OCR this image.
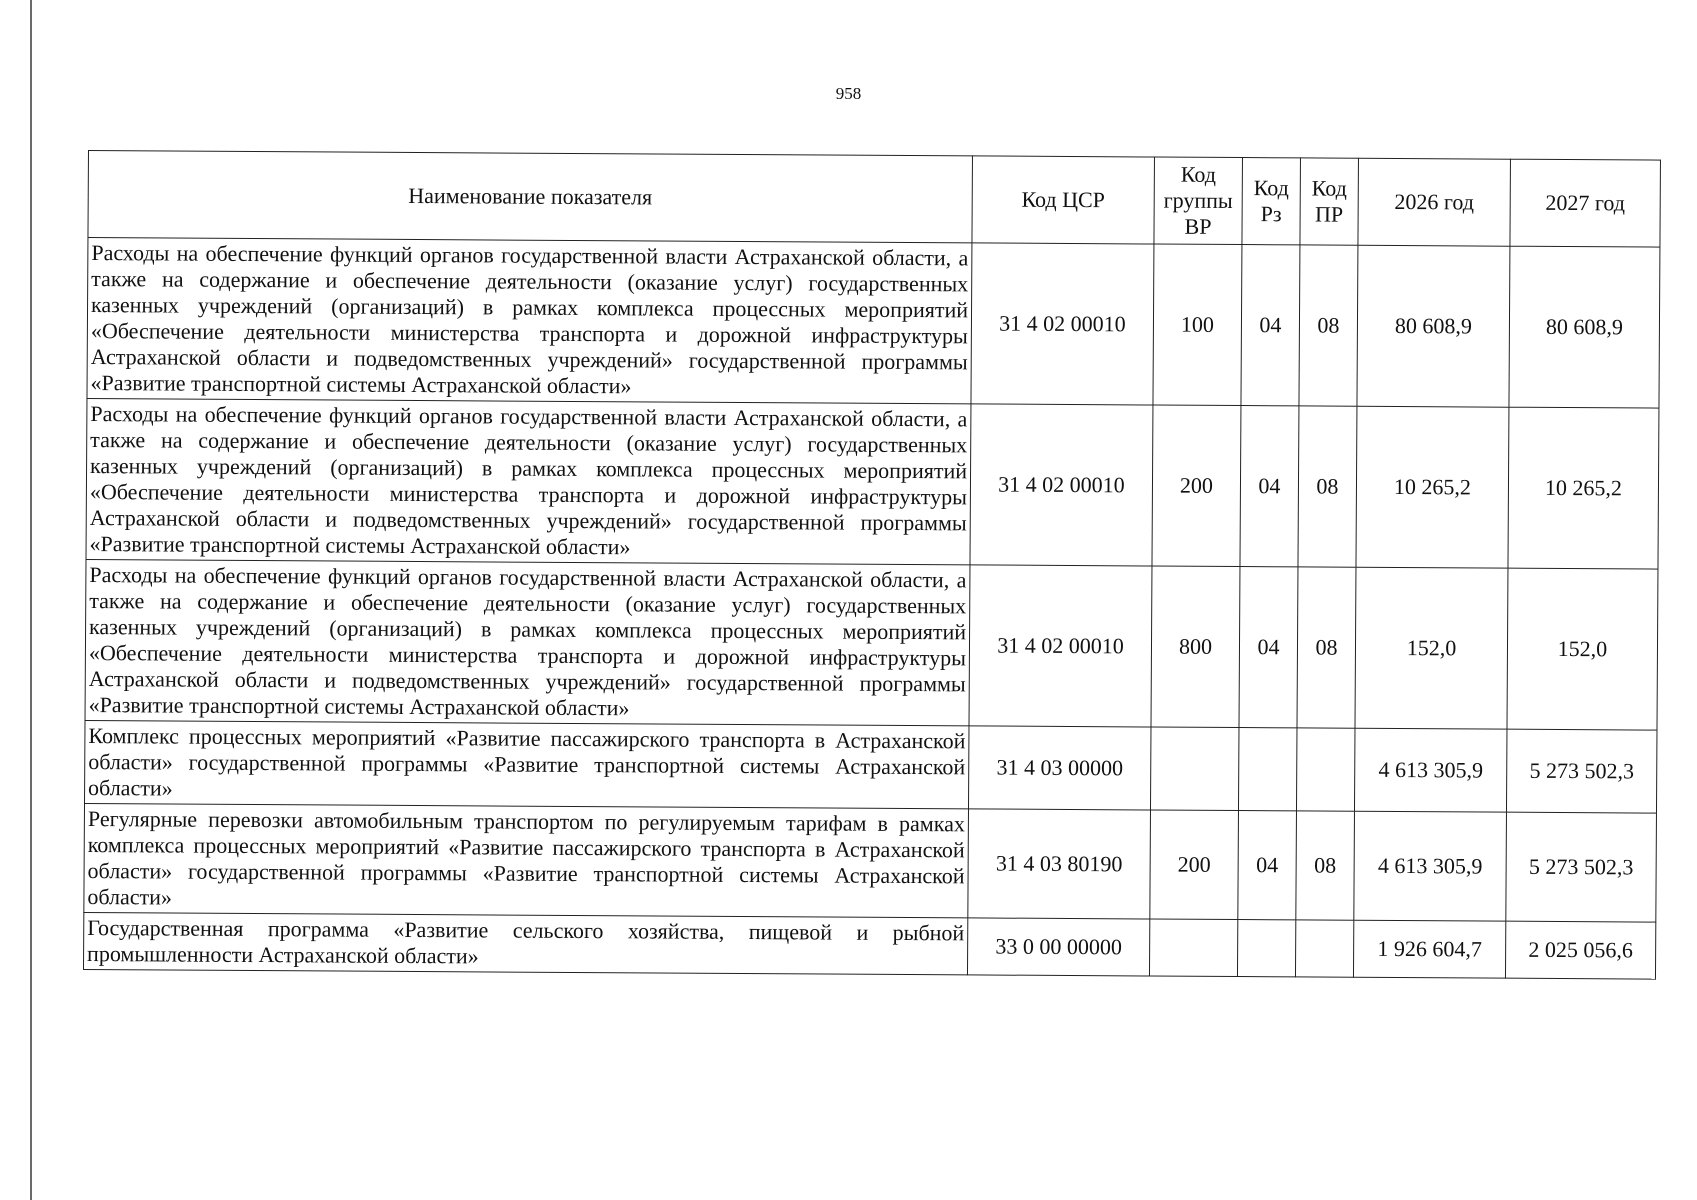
958
Наименование показателя	Код ЦСР	Код группы ВР	Код Рз	Код ПР	2026 год	2027 год
Расходы на обеспечение функций органов государственной власти Астраханской области, а также на содержание и обеспечение деятельности (оказание услуг) государственных казенных учреждений (организаций) в рамках комплекса процессных мероприятий «Обеспечение деятельности министерства транспорта и дорожной инфраструктуры Астраханской области и подведомственных учреждений» государственной программы «Развитие транспортной системы Астраханской области»	31 4 02 00010	100	04	08	80 608,9	80 608,9
Расходы на обеспечение функций органов государственной власти Астраханской области, а также на содержание и обеспечение деятельности (оказание услуг) государственных казенных учреждений (организаций) в рамках комплекса процессных мероприятий «Обеспечение деятельности министерства транспорта и дорожной инфраструктуры Астраханской области и подведомственных учреждений» государственной программы «Развитие транспортной системы Астраханской области»	31 4 02 00010	200	04	08	10 265,2	10 265,2
Расходы на обеспечение функций органов государственной власти Астраханской области, а также на содержание и обеспечение деятельности (оказание услуг) государственных казенных учреждений (организаций) в рамках комплекса процессных мероприятий «Обеспечение деятельности министерства транспорта и дорожной инфраструктуры Астраханской области и подведомственных учреждений» государственной программы «Развитие транспортной системы Астраханской области»	31 4 02 00010	800	04	08	152,0	152,0
Комплекс процессных мероприятий «Развитие пассажирского транспорта в Астраханской области» государственной программы «Развитие транспортной системы Астраханской области»	31 4 03 00000				4 613 305,9	5 273 502,3
Регулярные перевозки автомобильным транспортом по регулируемым тарифам в рамках комплекса процессных мероприятий «Развитие пассажирского транспорта в Астраханской области» государственной программы «Развитие транспортной системы Астраханской области»	31 4 03 80190	200	04	08	4 613 305,9	5 273 502,3
Государственная программа «Развитие сельского хозяйства, пищевой и рыбной промышленности Астраханской области»	33 0 00 00000				1 926 604,7	2 025 056,6
